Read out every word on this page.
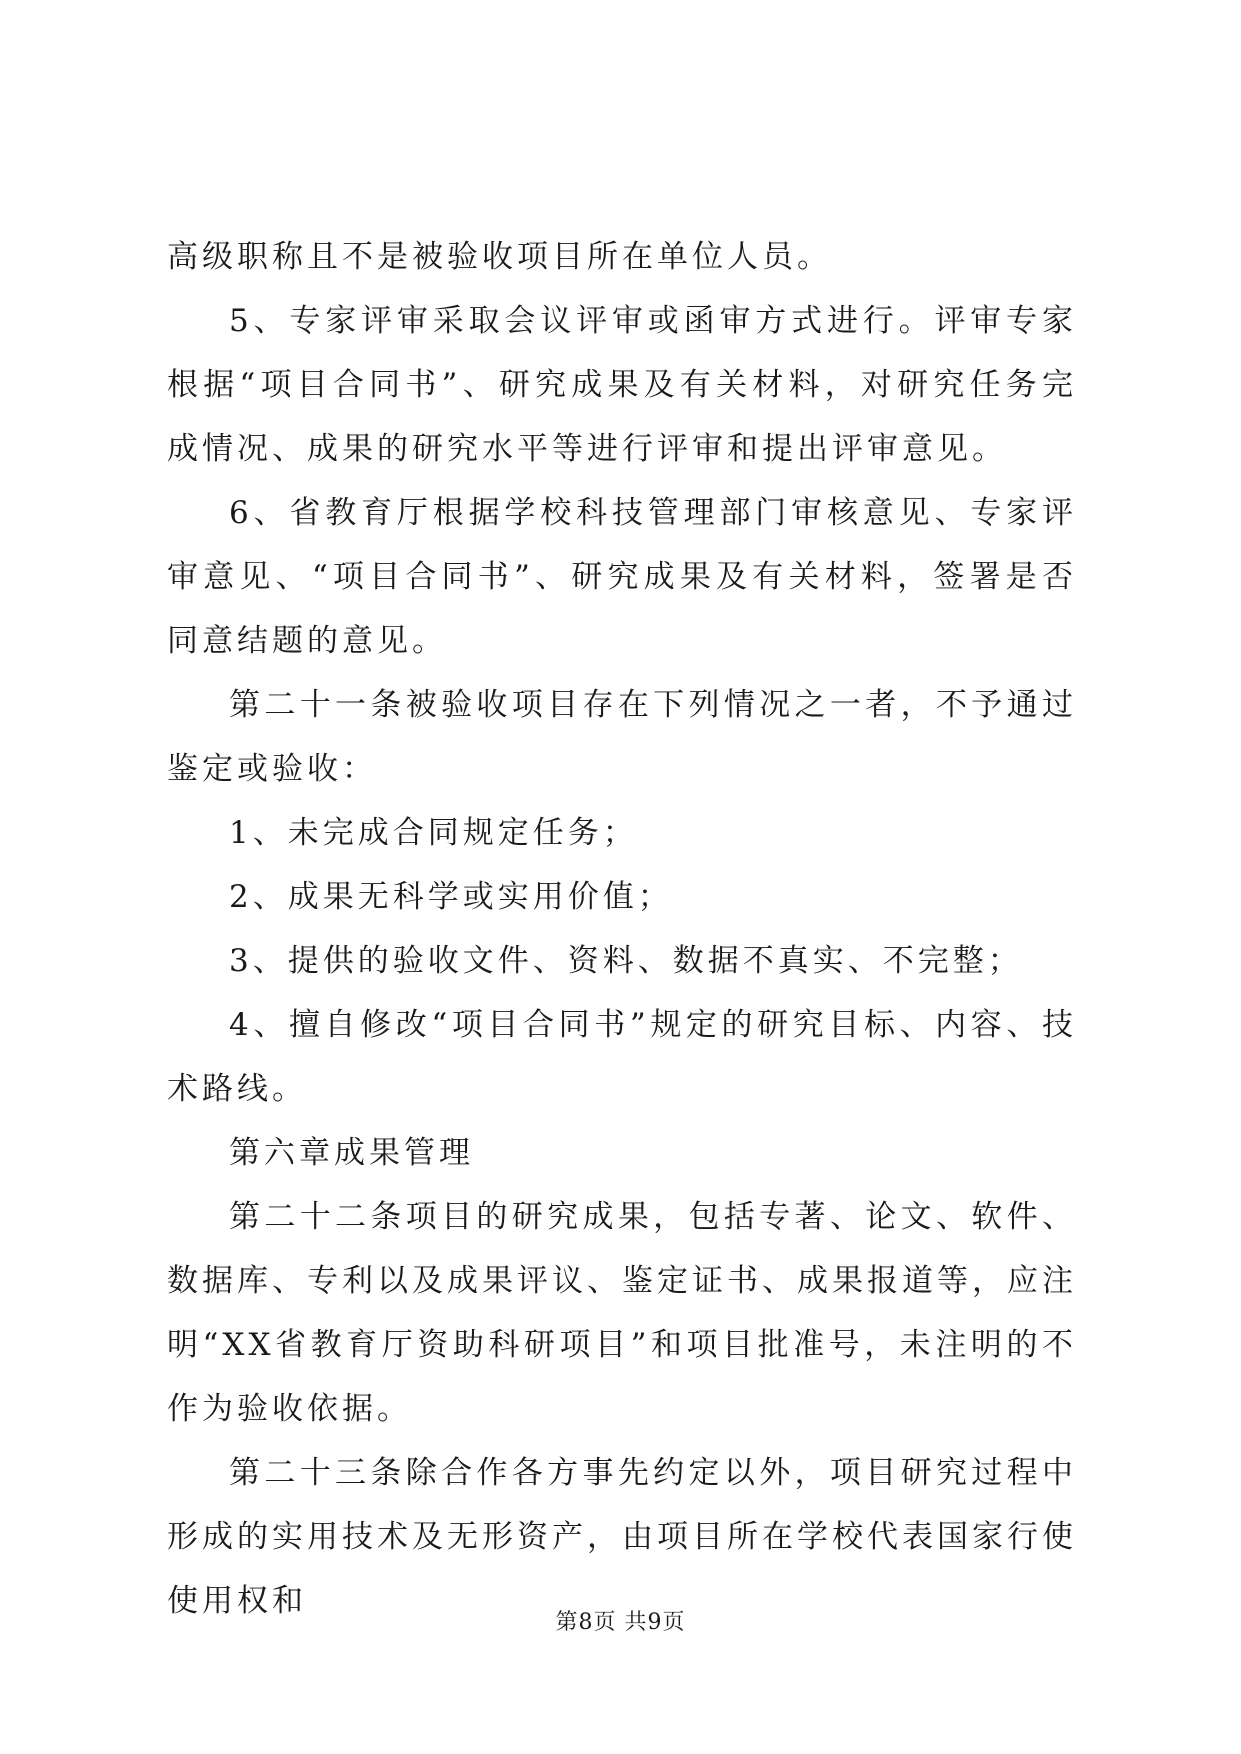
高级职称且不是被验收项目所在单位人员。

5、专家评审采取会议评审或函审方式进行。评审专家根据“项目合同书”、研究成果及有关材料，对研究任务完成情况、成果的研究水平等进行评审和提出评审意见。

6、省教育厅根据学校科技管理部门审核意见、专家评审意见、“项目合同书”、研究成果及有关材料，签署是否同意结题的意见。

第二十一条被验收项目存在下列情况之一者，不予通过鉴定或验收：

1、未完成合同规定任务；

2、成果无科学或实用价值；

3、提供的验收文件、资料、数据不真实、不完整；

4、擅自修改“项目合同书”规定的研究目标、内容、技术路线。

第六章成果管理

第二十二条项目的研究成果，包括专著、论文、软件、数据库、专利以及成果评议、鉴定证书、成果报道等，应注明“XX省教育厅资助科研项目”和项目批准号，未注明的不作为验收依据。

第二十三条除合作各方事先约定以外，项目研究过程中形成的实用技术及无形资产，由项目所在学校代表国家行使使用权和

第8页 共9页
